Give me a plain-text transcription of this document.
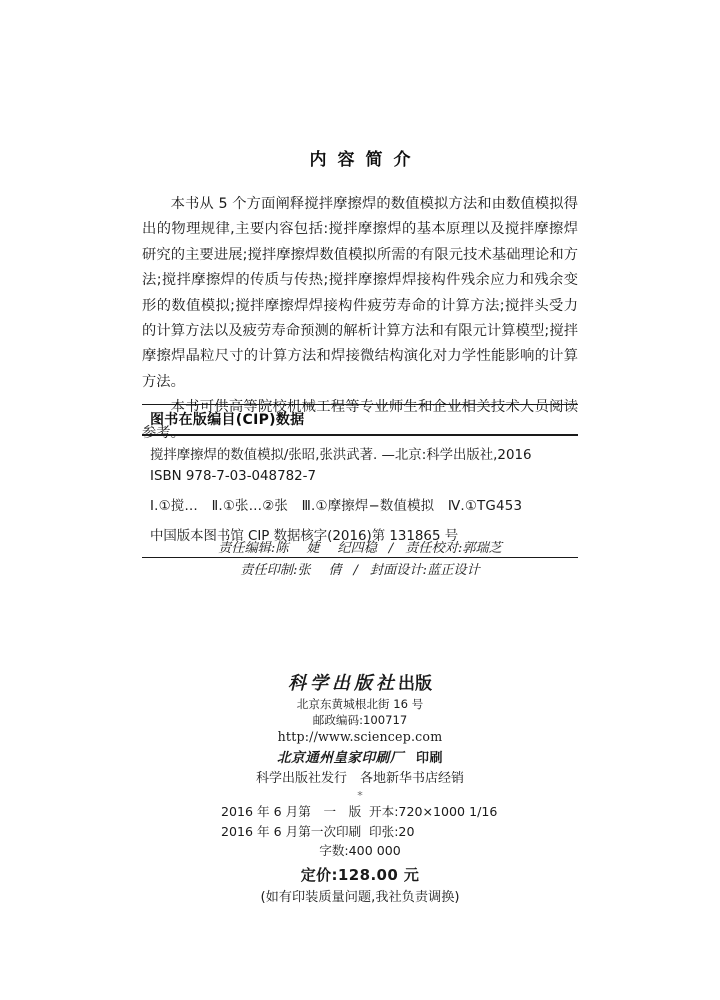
内容简介

本书从 5 个方面阐释搅拌摩擦焊的数值模拟方法和由数值模拟得出的物理规律,主要内容包括:搅拌摩擦焊的基本原理以及搅拌摩擦焊研究的主要进展;搅拌摩擦焊数值模拟所需的有限元技术基础理论和方法;搅拌摩擦焊的传质与传热;搅拌摩擦焊焊接构件残余应力和残余变形的数值模拟;搅拌摩擦焊焊接构件疲劳寿命的计算方法;搅拌头受力的计算方法以及疲劳寿命预测的解析计算方法和有限元计算模型;搅拌摩擦焊晶粒尺寸的计算方法和焊接微结构演化对力学性能影响的计算方法。

本书可供高等院校机械工程等专业师生和企业相关技术人员阅读参考。

图书在版编目(CIP)数据
搅拌摩擦焊的数值模拟/张昭,张洪武著. —北京:科学出版社,2016
ISBN 978-7-03-048782-7
Ⅰ.①搅…　Ⅱ.①张…②张　Ⅲ.①摩擦焊−数值模拟　Ⅳ.①TG453
中国版本图书馆 CIP 数据核字(2016)第 131865 号
责任编辑:陈 婕 纪四稳 / 责任校对:郭瑞芝
责任印制:张 倩 / 封面设计:蓝正设计
科学出版社出版
北京东黄城根北街 16 号
邮政编码:100717
http://www.sciencep.com
北京通州皇家印刷厂 印刷
科学出版社发行　各地新华书店经销
*
2016 年 6 月第　一　版 开本:720×1000 1/16
2016 年 6 月第一次印刷 印张:20
字数:400 000
定价:128.00 元
(如有印装质量问题,我社负责调换)
